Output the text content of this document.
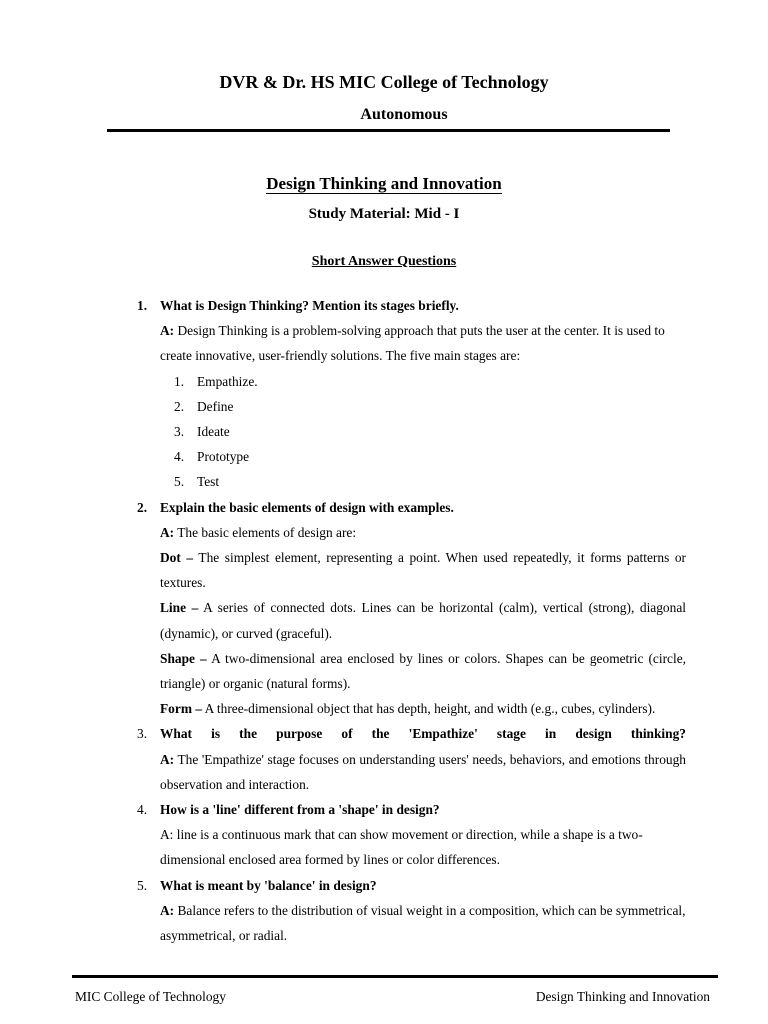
DVR & Dr. HS MIC College of Technology
Autonomous
Design Thinking and Innovation
Study Material: Mid - I
Short Answer Questions
1. What is Design Thinking? Mention its stages briefly.

A: Design Thinking is a problem-solving approach that puts the user at the center. It is used to create innovative, user-friendly solutions. The five main stages are:

1. Empathize.
2. Define
3. Ideate
4. Prototype
5. Test
2. Explain the basic elements of design with examples.

A: The basic elements of design are:

Dot – The simplest element, representing a point. When used repeatedly, it forms patterns or textures.

Line – A series of connected dots. Lines can be horizontal (calm), vertical (strong), diagonal (dynamic), or curved (graceful).

Shape – A two-dimensional area enclosed by lines or colors. Shapes can be geometric (circle, triangle) or organic (natural forms).

Form – A three-dimensional object that has depth, height, and width (e.g., cubes, cylinders).

3. What is the purpose of the 'Empathize' stage in design thinking?

A: The 'Empathize' stage focuses on understanding users' needs, behaviors, and emotions through observation and interaction.

4. How is a 'line' different from a 'shape' in design?

A: line is a continuous mark that can show movement or direction, while a shape is a two-dimensional enclosed area formed by lines or color differences.

5. What is meant by 'balance' in design?

A: Balance refers to the distribution of visual weight in a composition, which can be symmetrical, asymmetrical, or radial.

MIC College of Technology	Design Thinking and Innovation
